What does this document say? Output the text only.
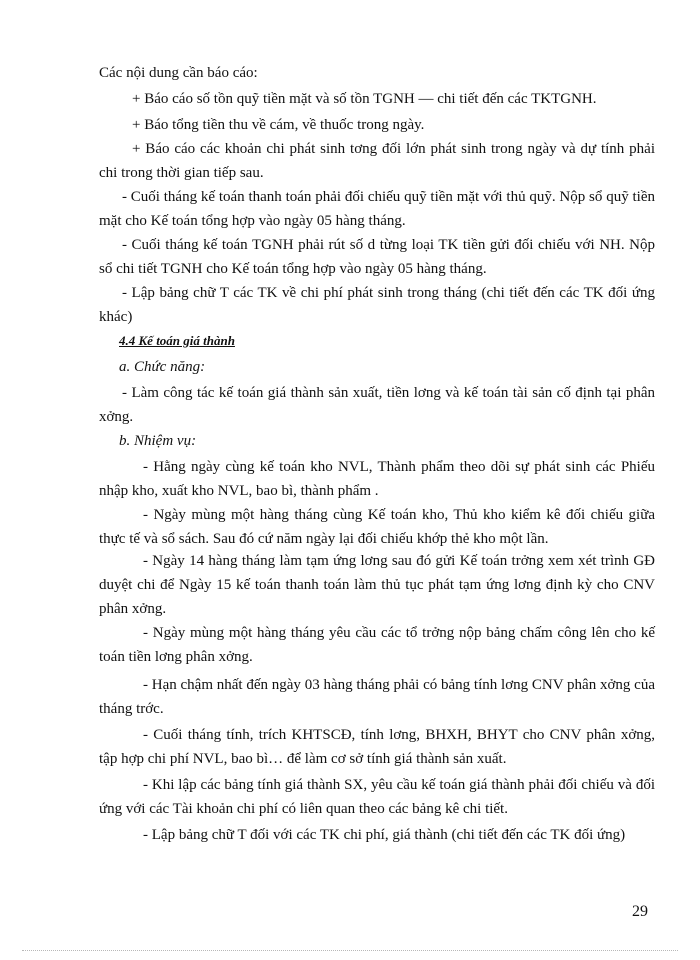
Các nội dung cần báo cáo:
+ Báo cáo số tồn quỹ tiền mặt và số tồn TGNH — chi tiết đến các TKTGNH.
+ Báo tổng tiền thu về cám, về thuốc trong ngày.
+ Báo cáo các khoản chi phát sinh tơng đối lớn phát sinh trong ngày và dự tính phải chi trong thời gian tiếp sau.
- Cuối tháng kế toán thanh toán phải đối chiếu quỹ tiền mặt với thủ quỹ. Nộp sổ quỹ tiền mặt cho Kế toán tổng hợp vào ngày 05 hàng tháng.
- Cuối tháng kế toán TGNH phải rút số d từng loại TK tiền gửi đối chiếu với NH. Nộp sổ chi tiết TGNH cho Kế toán tổng hợp vào ngày 05 hàng tháng.
- Lập bảng chữ T các TK về chi phí phát sinh trong tháng (chi tiết đến các TK đối ứng khác)
4.4 Kế toán giá thành
a. Chức năng:
- Làm công tác kế toán giá thành sản xuất, tiền lơng và kế toán tài sản cố định tại phân xởng.
b. Nhiệm vụ:
- Hằng ngày cùng kế toán kho NVL, Thành phẩm theo dõi sự phát sinh các Phiếu nhập kho, xuất kho NVL, bao bì, thành phẩm .
- Ngày mùng một hàng tháng cùng Kế toán kho, Thủ kho kiểm kê đối chiếu giữa thực tế và sổ sách. Sau đó cứ năm ngày lại đối chiếu khớp thẻ kho một lần.
- Ngày 14 hàng tháng làm tạm ứng lơng sau đó gửi Kế toán trởng xem xét trình GĐ duyệt chi để Ngày 15 kế toán thanh toán làm thủ tục phát tạm ứng lơng định kỳ cho CNV phân xởng.
- Ngày mùng một hàng tháng yêu cầu các tổ trởng nộp bảng chấm công lên cho kế toán tiền lơng phân xởng.
- Hạn chậm nhất đến ngày 03 hàng tháng phải có bảng tính lơng CNV phân xởng của tháng trớc.
- Cuối tháng tính, trích KHTSCĐ, tính lơng, BHXH, BHYT cho CNV phân xởng, tập hợp chi phí NVL, bao bì… để làm cơ sở tính giá thành sản xuất.
- Khi lập các bảng tính giá thành SX, yêu cầu kế toán giá thành phải đối chiếu và đối ứng với các Tài khoản chi phí có liên quan theo các bảng kê chi tiết.
- Lập bảng chữ T đối với các TK chi phí, giá thành (chi tiết đến các TK đối ứng)
29
